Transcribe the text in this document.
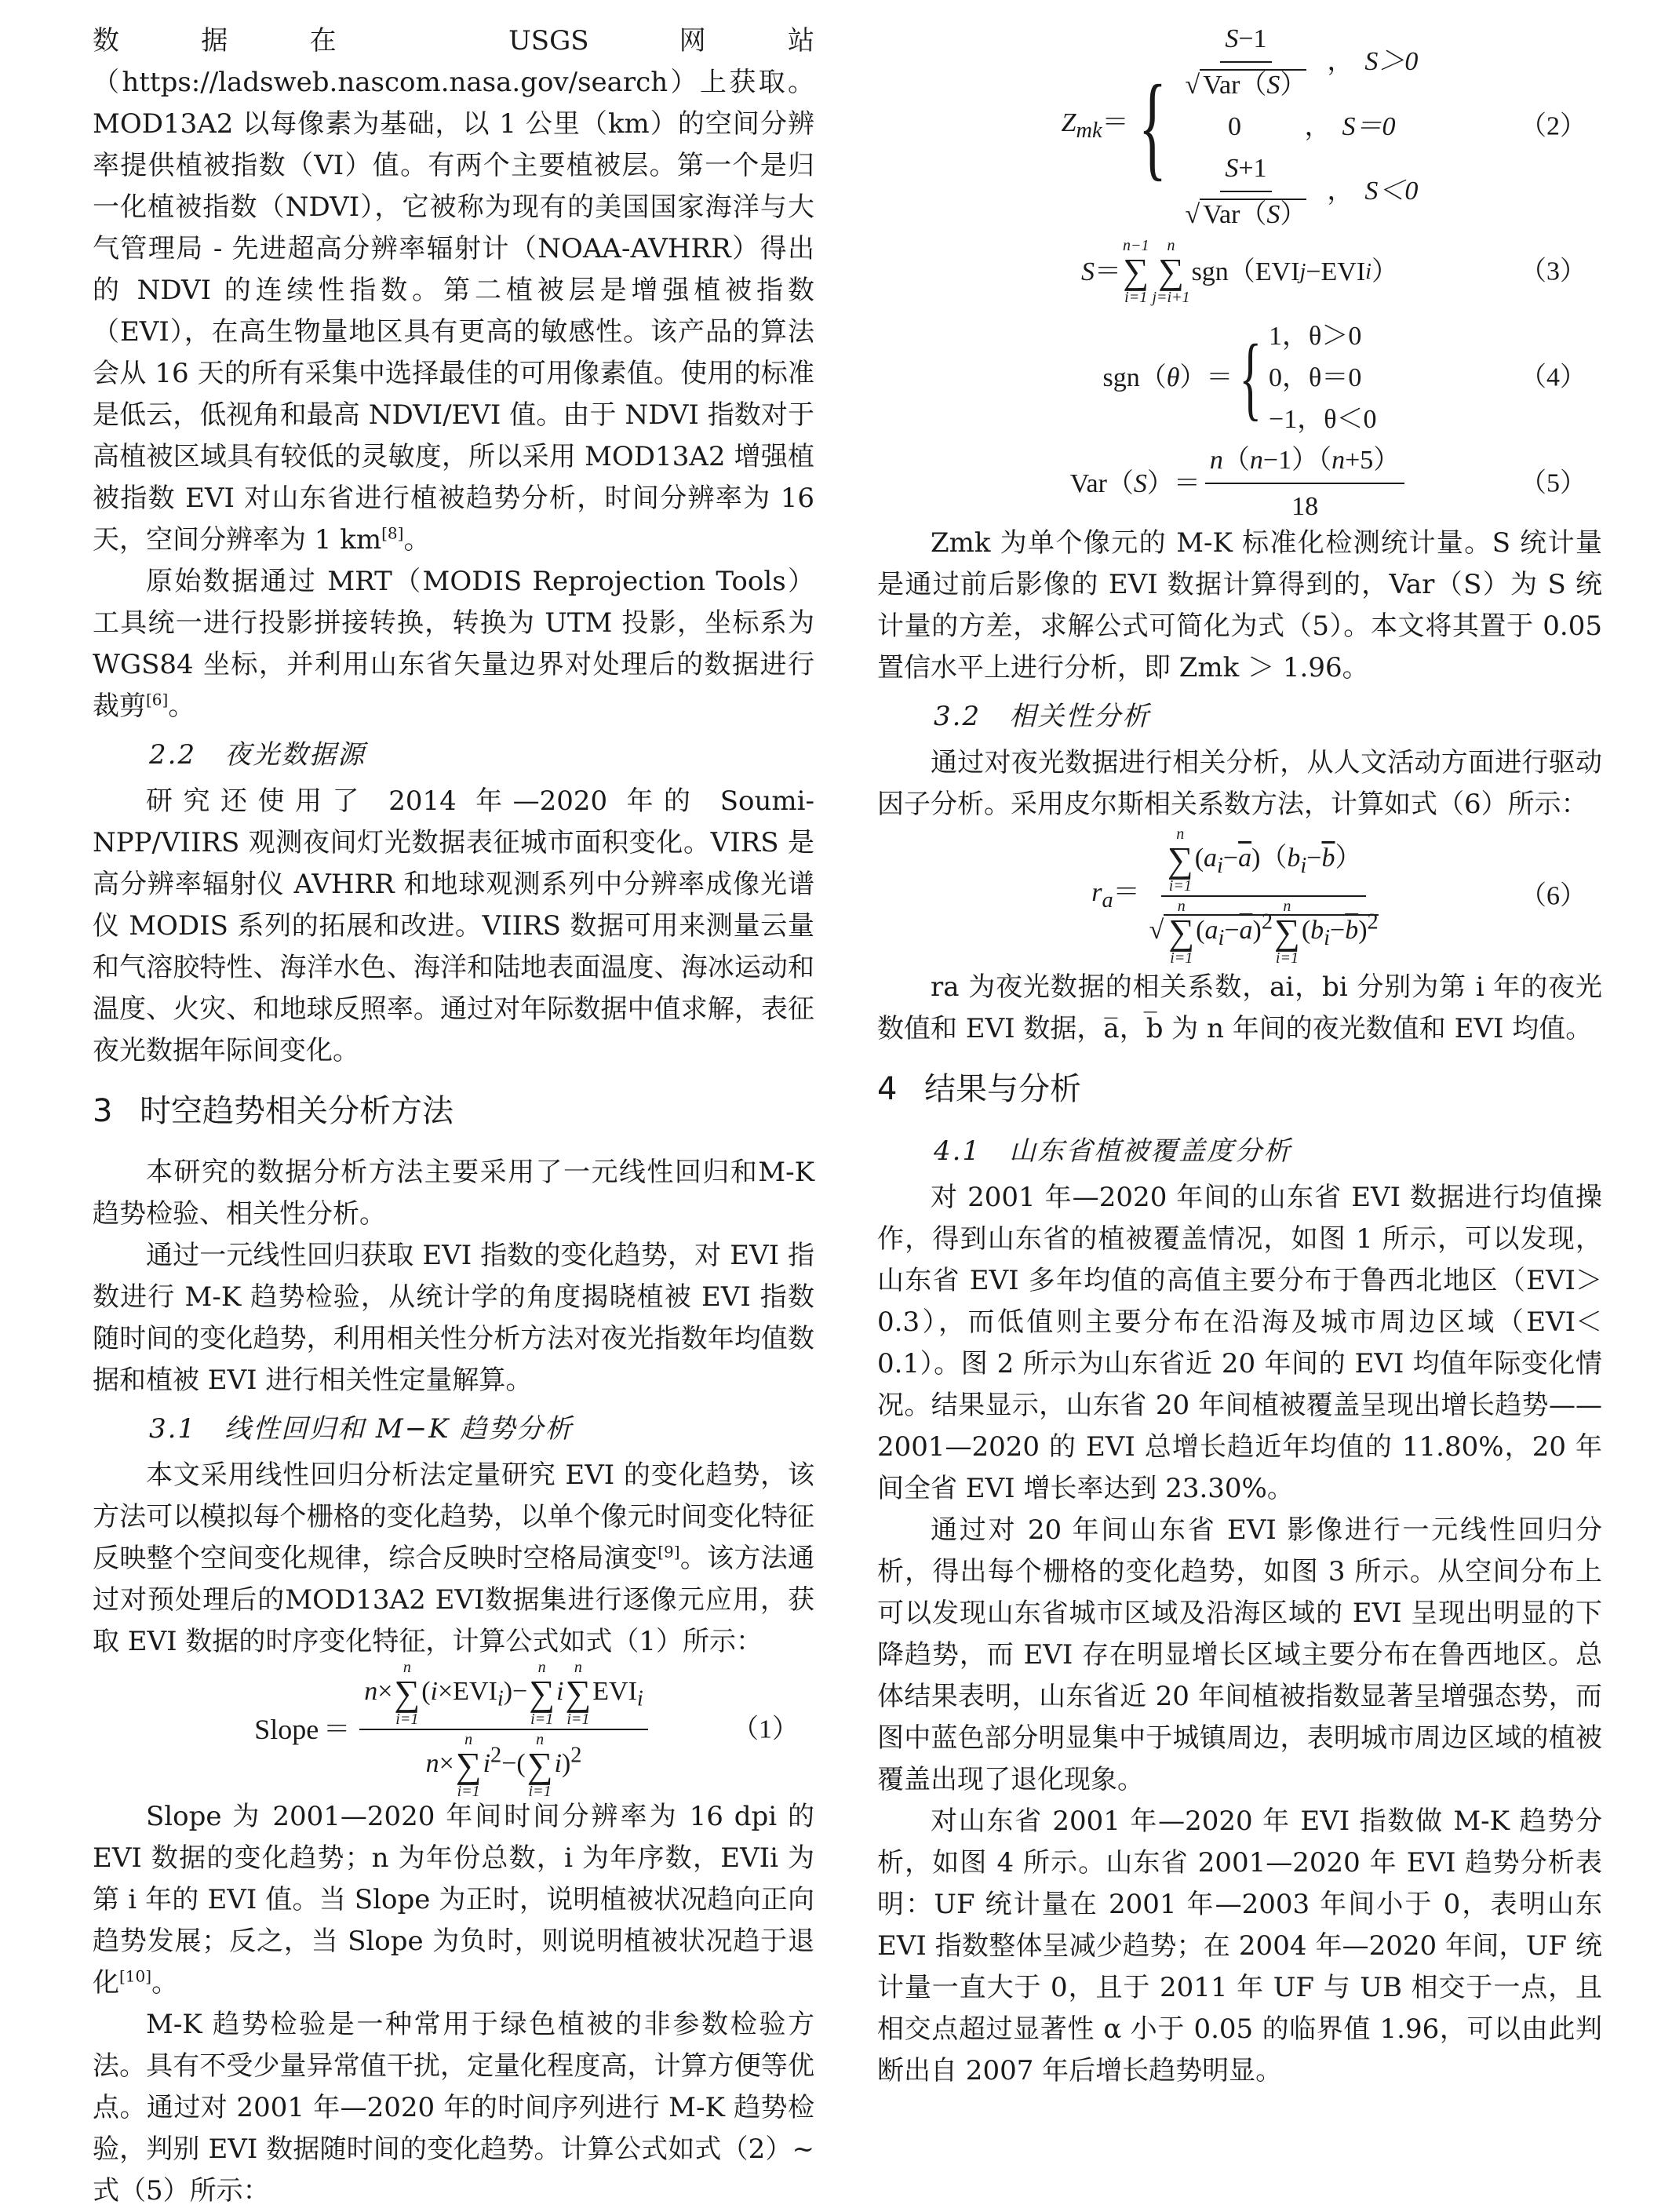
数据在 USGS 网站（https://ladsweb.nascom.nasa.gov/search）上获取。MOD13A2 以每像素为基础，以 1 公里（km）的空间分辨率提供植被指数（VI）值。有两个主要植被层。第一个是归一化植被指数（NDVI），它被称为现有的美国国家海洋与大气管理局 - 先进超高分辨率辐射计（NOAA-AVHRR）得出的 NDVI 的连续性指数。第二植被层是增强植被指数（EVI），在高生物量地区具有更高的敏感性。该产品的算法会从 16 天的所有采集中选择最佳的可用像素值。使用的标准是低云，低视角和最高 NDVI/EVI 值。由于 NDVI 指数对于高植被区域具有较低的灵敏度，所以采用 MOD13A2 增强植被指数 EVI 对山东省进行植被趋势分析，时间分辨率为 16 天，空间分辨率为 1 km[8]。

原始数据通过 MRT（MODIS Reprojection Tools）工具统一进行投影拼接转换，转换为 UTM 投影，坐标系为 WGS84 坐标，并利用山东省矢量边界对处理后的数据进行裁剪[6]。

2.2　夜光数据源

研究还使用了 2014 年—2020 年的 Soumi-NPP/VIIRS 观测夜间灯光数据表征城市面积变化。VIRS 是高分辨率辐射仪 AVHRR 和地球观测系列中分辨率成像光谱仪 MODIS 系列的拓展和改进。VIIRS 数据可用来测量云量和气溶胶特性、海洋水色、海洋和陆地表面温度、海冰运动和温度、火灾、和地球反照率。通过对年际数据中值求解，表征夜光数据年际间变化。

3 时空趋势相关分析方法

本研究的数据分析方法主要采用了一元线性回归和M-K趋势检验、相关性分析。

通过一元线性回归获取 EVI 指数的变化趋势，对 EVI 指数进行 M-K 趋势检验，从统计学的角度揭晓植被 EVI 指数随时间的变化趋势，利用相关性分析方法对夜光指数年均值数据和植被 EVI 进行相关性定量解算。

3.1　线性回归和 M−K 趋势分析

本文采用线性回归分析法定量研究 EVI 的变化趋势，该方法可以模拟每个栅格的变化趋势，以单个像元时间变化特征反映整个空间变化规律，综合反映时空格局演变[9]。该方法通过对预处理后的MOD13A2 EVI数据集进行逐像元应用，获取 EVI 数据的时序变化特征，计算公式如式（1）所示：

Slope ＝ n×
n
∑
i=1
$(i\times EVI_i)-$
n
∑
i=1
i
n
∑
i=1
$EVI_i$
n×
n
∑
i=1
$i^2-$(
n
∑
i=1
i)$^2$	（1）

Slope 为 2001—2020 年间时间分辨率为 16 dpi 的 EVI 数据的变化趋势；n 为年份总数，i 为年序数，EVIi 为第 i 年的 EVI 值。当 Slope 为正时，说明植被状况趋向正向趋势发展；反之，当 Slope 为负时，则说明植被状况趋于退化[10]。

M-K 趋势检验是一种常用于绿色植被的非参数检验方法。具有不受少量异常值干扰，定量化程度高，计算方便等优点。通过对 2001 年—2020 年的时间序列进行 M-K 趋势检验，判别 EVI 数据随时间的变化趋势。计算公式如式（2）~ 式（5）所示：

$Z_{mk}=$ { $\frac{S-1}{\text{√ Var（S）}}$ ， S＞0
0	， S＝0
$\frac{S+1}{\text{√ Var（S）}}$ ， S＜0
（2）
S ＝
n−1
∑
i=1
n
∑
j=i+1
sgn（EVI j −EVI i ）	（3）
sgn（θ）＝ { 1，θ＞0
0，θ＝0
−1，θ＜0
（4）
$Var(S)= \frac{n(n-1)(n+5)}{18}$	（5）

Zmk 为单个像元的 M-K 标准化检测统计量。S 统计量是通过前后影像的 EVI 数据计算得到的，Var（S）为 S 统计量的方差，求解公式可简化为式（5）。本文将其置于 0.05 置信水平上进行分析，即 Zmk ＞ 1.96。

3.2　相关性分析

通过对夜光数据进行相关分析，从人文活动方面进行驱动因子分析。采用皮尔斯相关系数方法，计算如式（6）所示：

$r_a= n$
∑
i=1
$(a_i-\overline{a})(b_i-\overline{b})$
√
n
∑
i=1
$(a_i-\overline{a})^2$
n
∑
i=1
$(b_i-\overline{b})^2$	（6）

ra 为夜光数据的相关系数，ai，bi 分别为第 i 年的夜光数值和 EVI 数据，a̅，b̅ 为 n 年间的夜光数值和 EVI 均值。

4 结果与分析
4.1　山东省植被覆盖度分析

对 2001 年—2020 年间的山东省 EVI 数据进行均值操作，得到山东省的植被覆盖情况，如图 1 所示，可以发现，山东省 EVI 多年均值的高值主要分布于鲁西北地区（EVI＞0.3），而低值则主要分布在沿海及城市周边区域（EVI＜0.1）。图 2 所示为山东省近 20 年间的 EVI 均值年际变化情况。结果显示，山东省 20 年间植被覆盖呈现出增长趋势——2001—2020 的 EVI 总增长趋近年均值的 11.80%，20 年间全省 EVI 增长率达到 23.30%。

通过对 20 年间山东省 EVI 影像进行一元线性回归分析，得出每个栅格的变化趋势，如图 3 所示。从空间分布上可以发现山东省城市区域及沿海区域的 EVI 呈现出明显的下降趋势，而 EVI 存在明显增长区域主要分布在鲁西地区。总体结果表明，山东省近 20 年间植被指数显著呈增强态势，而图中蓝色部分明显集中于城镇周边，表明城市周边区域的植被覆盖出现了退化现象。

对山东省 2001 年—2020 年 EVI 指数做 M-K 趋势分析，如图 4 所示。山东省 2001—2020 年 EVI 趋势分析表明：UF 统计量在 2001 年—2003 年间小于 0，表明山东 EVI 指数整体呈减少趋势；在 2004 年—2020 年间，UF 统计量一直大于 0，且于 2011 年 UF 与 UB 相交于一点，且相交点超过显著性 α 小于 0.05 的临界值 1.96，可以由此判断出自 2007 年后增长趋势明显。
